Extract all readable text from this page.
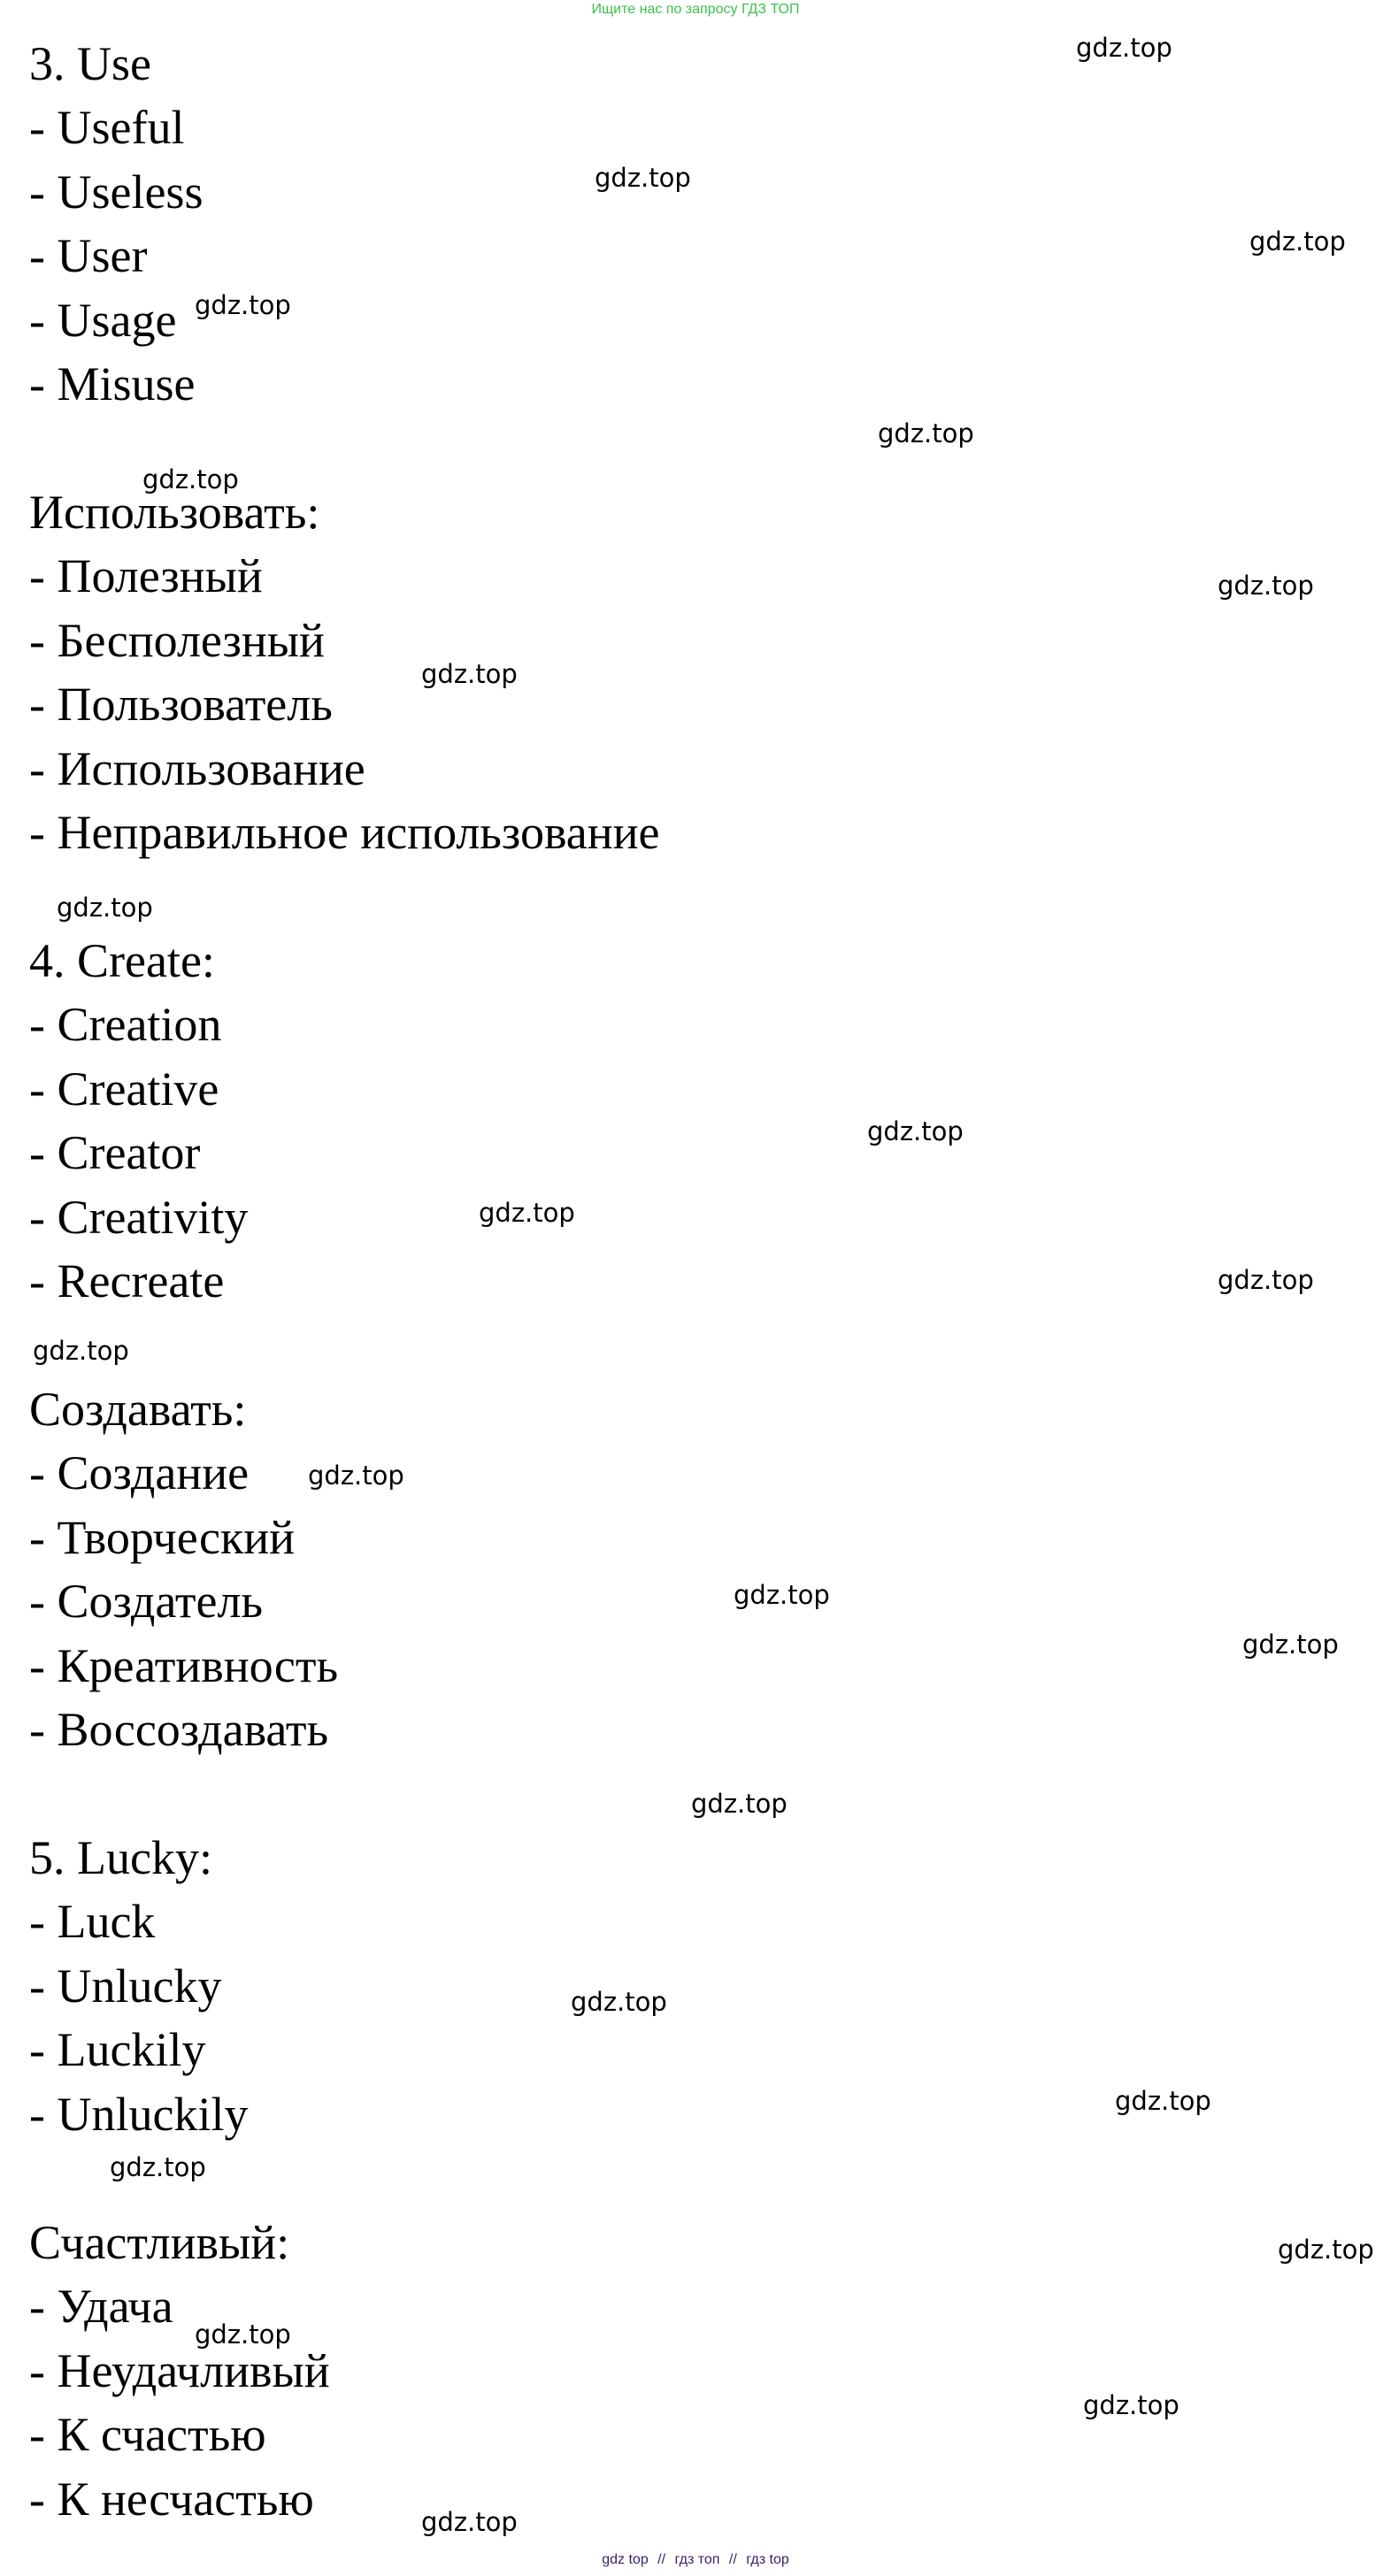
Ищите нас по запросу ГДЗ ТОП
3. Use
- Useful
- Useless
- User
- Usage
- Misuse
Использовать:
- Полезный
- Бесполезный
- Пользователь
- Использование
- Неправильное использование
4. Create:
- Creation
- Creative
- Creator
- Creativity
- Recreate
Создавать:
- Создание
- Творческий
- Создатель
- Креативность
- Воссоздавать
5. Lucky:
- Luck
- Unlucky
- Luckily
- Unluckily
Счастливый:
- Удача
- Неудачливый
- К счастью
- К несчастью
gdz.top
gdz.top
gdz.top
gdz.top
gdz.top
gdz.top
gdz.top
gdz.top
gdz.top
gdz.top
gdz.top
gdz.top
gdz.top
gdz.top
gdz.top
gdz.top
gdz.top
gdz.top
gdz.top
gdz.top
gdz.top
gdz.top
gdz.top
gdz.top
gdz top // гдз топ // гдз top
